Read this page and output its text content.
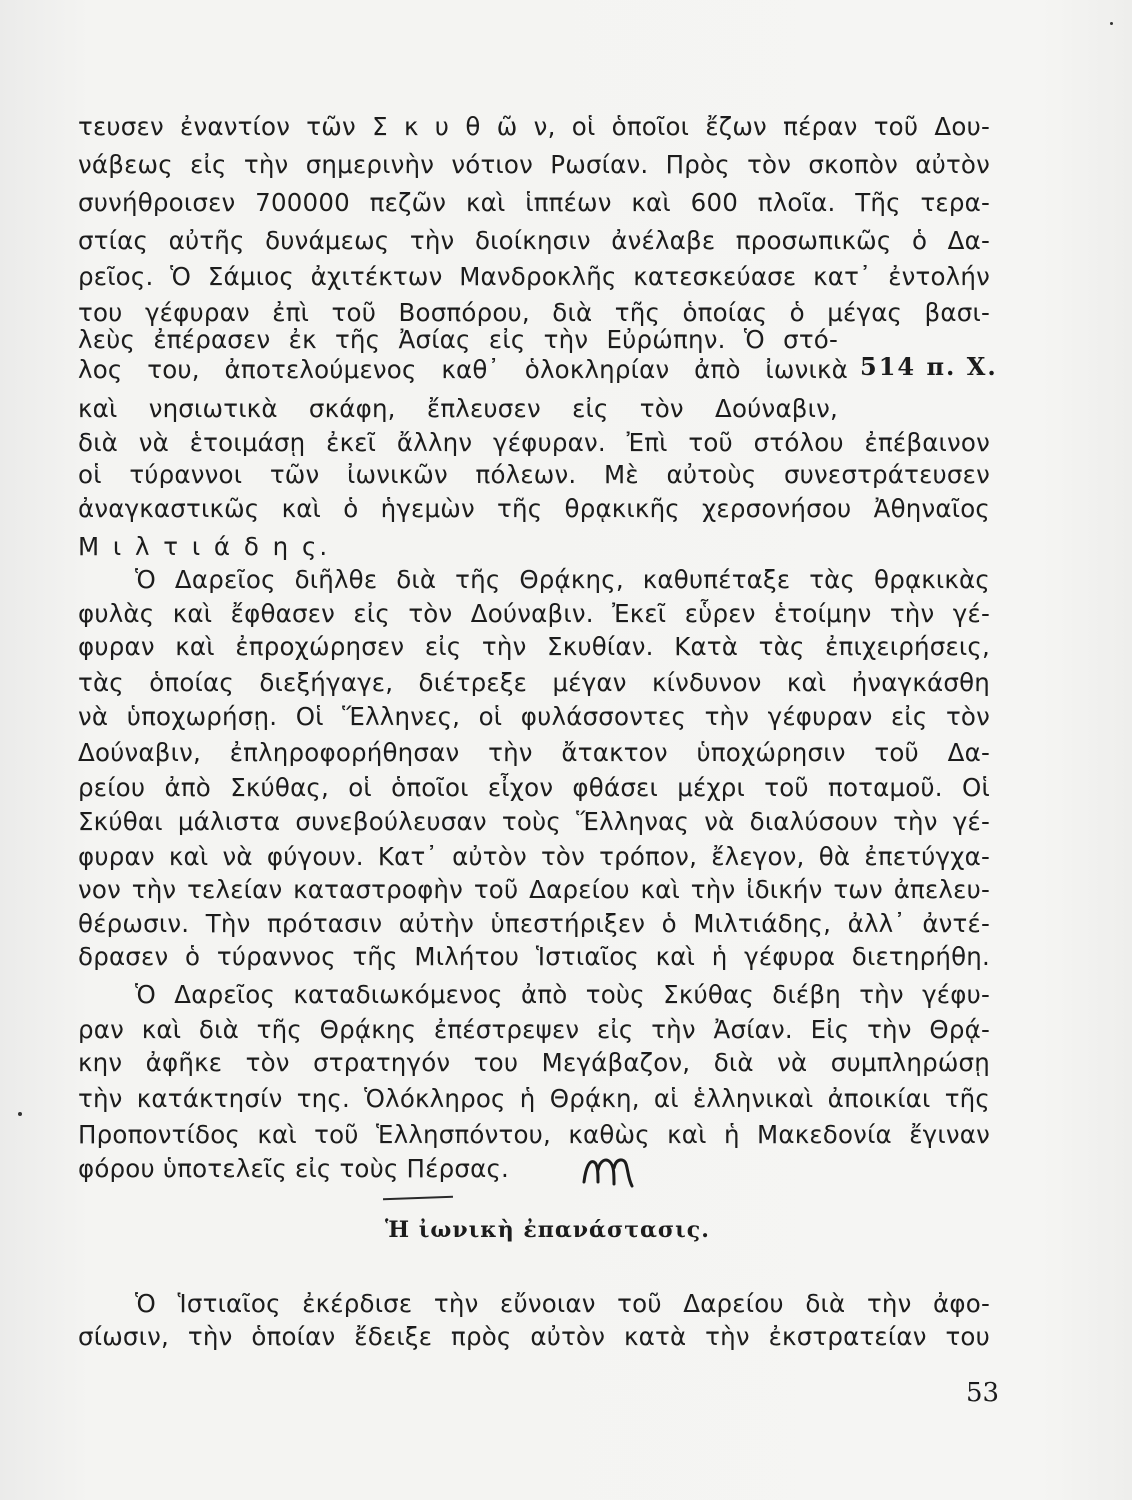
τευσεν ἐναντίον τῶν Σ κ υ θ ῶ ν, οἱ ὁποῖοι ἔζων πέραν τοῦ Δου-
νάβεως εἰς τὴν σημερινὴν νότιον Ρωσίαν. Πρὸς τὸν σκοπὸν αὐτὸν
συνήθροισεν 700000 πεζῶν καὶ ἱππέων καὶ 600 πλοῖα. Τῆς τερα-
στίας αὐτῆς δυνάμεως τὴν διοίκησιν ἀνέλαβε προσωπικῶς ὁ Δα-
ρεῖος. Ὁ Σάμιος ἀχιτέκτων Μανδροκλῆς κατεσκεύασε κατ᾽ ἐντολήν
του γέφυραν ἐπὶ τοῦ Βοσπόρου, διὰ τῆς ὁποίας ὁ μέγας βασι-
λεὺς ἐπέρασεν ἐκ τῆς Ἀσίας εἰς τὴν Εὐρώπην. Ὁ στό-
λος του, ἀποτελούμενος καθ᾽ ὁλοκληρίαν ἀπὸ ἰωνικὰ 514 π. Χ.
καὶ νησιωτικὰ σκάφη, ἔπλευσεν εἰς τὸν Δούναβιν,
διὰ νὰ ἑτοιμάσῃ ἐκεῖ ἄλλην γέφυραν. Ἐπὶ τοῦ στόλου ἐπέβαινον
οἱ τύραννοι τῶν ἰωνικῶν πόλεων. Μὲ αὐτοὺς συνεστράτευσεν
ἀναγκαστικῶς καὶ ὁ ἡγεμὼν τῆς θρᾳκικῆς χερσονήσου Ἀθηναῖος
Μ ι λ τ ι ά δ η ς.
Ὁ Δαρεῖος διῆλθε διὰ τῆς Θρᾴκης, καθυπέταξε τὰς θρᾳκικὰς
φυλὰς καὶ ἔφθασεν εἰς τὸν Δούναβιν. Ἐκεῖ εὗρεν ἑτοίμην τὴν γέ-
φυραν καὶ ἐπροχώρησεν εἰς τὴν Σκυθίαν. Κατὰ τὰς ἐπιχειρήσεις,
τὰς ὁποίας διεξήγαγε, διέτρεξε μέγαν κίνδυνον καὶ ἠναγκάσθη
νὰ ὑποχωρήσῃ. Οἱ Ἕλληνες, οἱ φυλάσσοντες τὴν γέφυραν εἰς τὸν
Δούναβιν, ἐπληροφορήθησαν τὴν ἄτακτον ὑποχώρησιν τοῦ Δα-
ρείου ἀπὸ Σκύθας, οἱ ὁποῖοι εἶχον φθάσει μέχρι τοῦ ποταμοῦ. Οἱ
Σκύθαι μάλιστα συνεβούλευσαν τοὺς Ἕλληνας νὰ διαλύσουν τὴν γέ-
φυραν καὶ νὰ φύγουν. Κατ᾽ αὐτὸν τὸν τρόπον, ἔλεγον, θὰ ἐπετύγχα-
νον τὴν τελείαν καταστροφὴν τοῦ Δαρείου καὶ τὴν ἰδικήν των ἀπελευ-
θέρωσιν. Τὴν πρότασιν αὐτὴν ὑπεστήριξεν ὁ Μιλτιάδης, ἀλλ᾽ ἀντέ-
δρασεν ὁ τύραννος τῆς Μιλήτου Ἱστιαῖος καὶ ἡ γέφυρα διετηρήθη.
Ὁ Δαρεῖος καταδιωκόμενος ἀπὸ τοὺς Σκύθας διέβη τὴν γέφυ-
ραν καὶ διὰ τῆς Θρᾴκης ἐπέστρεψεν εἰς τὴν Ἀσίαν. Εἰς τὴν Θρᾴ-
κην ἀφῆκε τὸν στρατηγόν του Μεγάβαζον, διὰ νὰ συμπληρώσῃ
τὴν κατάκτησίν της. Ὁλόκληρος ἡ Θρᾴκη, αἱ ἑλληνικαὶ ἀποικίαι τῆς
Προποντίδος καὶ τοῦ Ἑλλησπόντου, καθὼς καὶ ἡ Μακεδονία ἔγιναν
φόρου ὑποτελεῖς εἰς τοὺς Πέρσας.
Ἡ ἰωνικὴ ἐπανάστασις.
Ὁ Ἱστιαῖος ἐκέρδισε τὴν εὔνοιαν τοῦ Δαρείου διὰ τὴν ἀφο-
σίωσιν, τὴν ὁποίαν ἔδειξε πρὸς αὐτὸν κατὰ τὴν ἐκστρατείαν του
53
